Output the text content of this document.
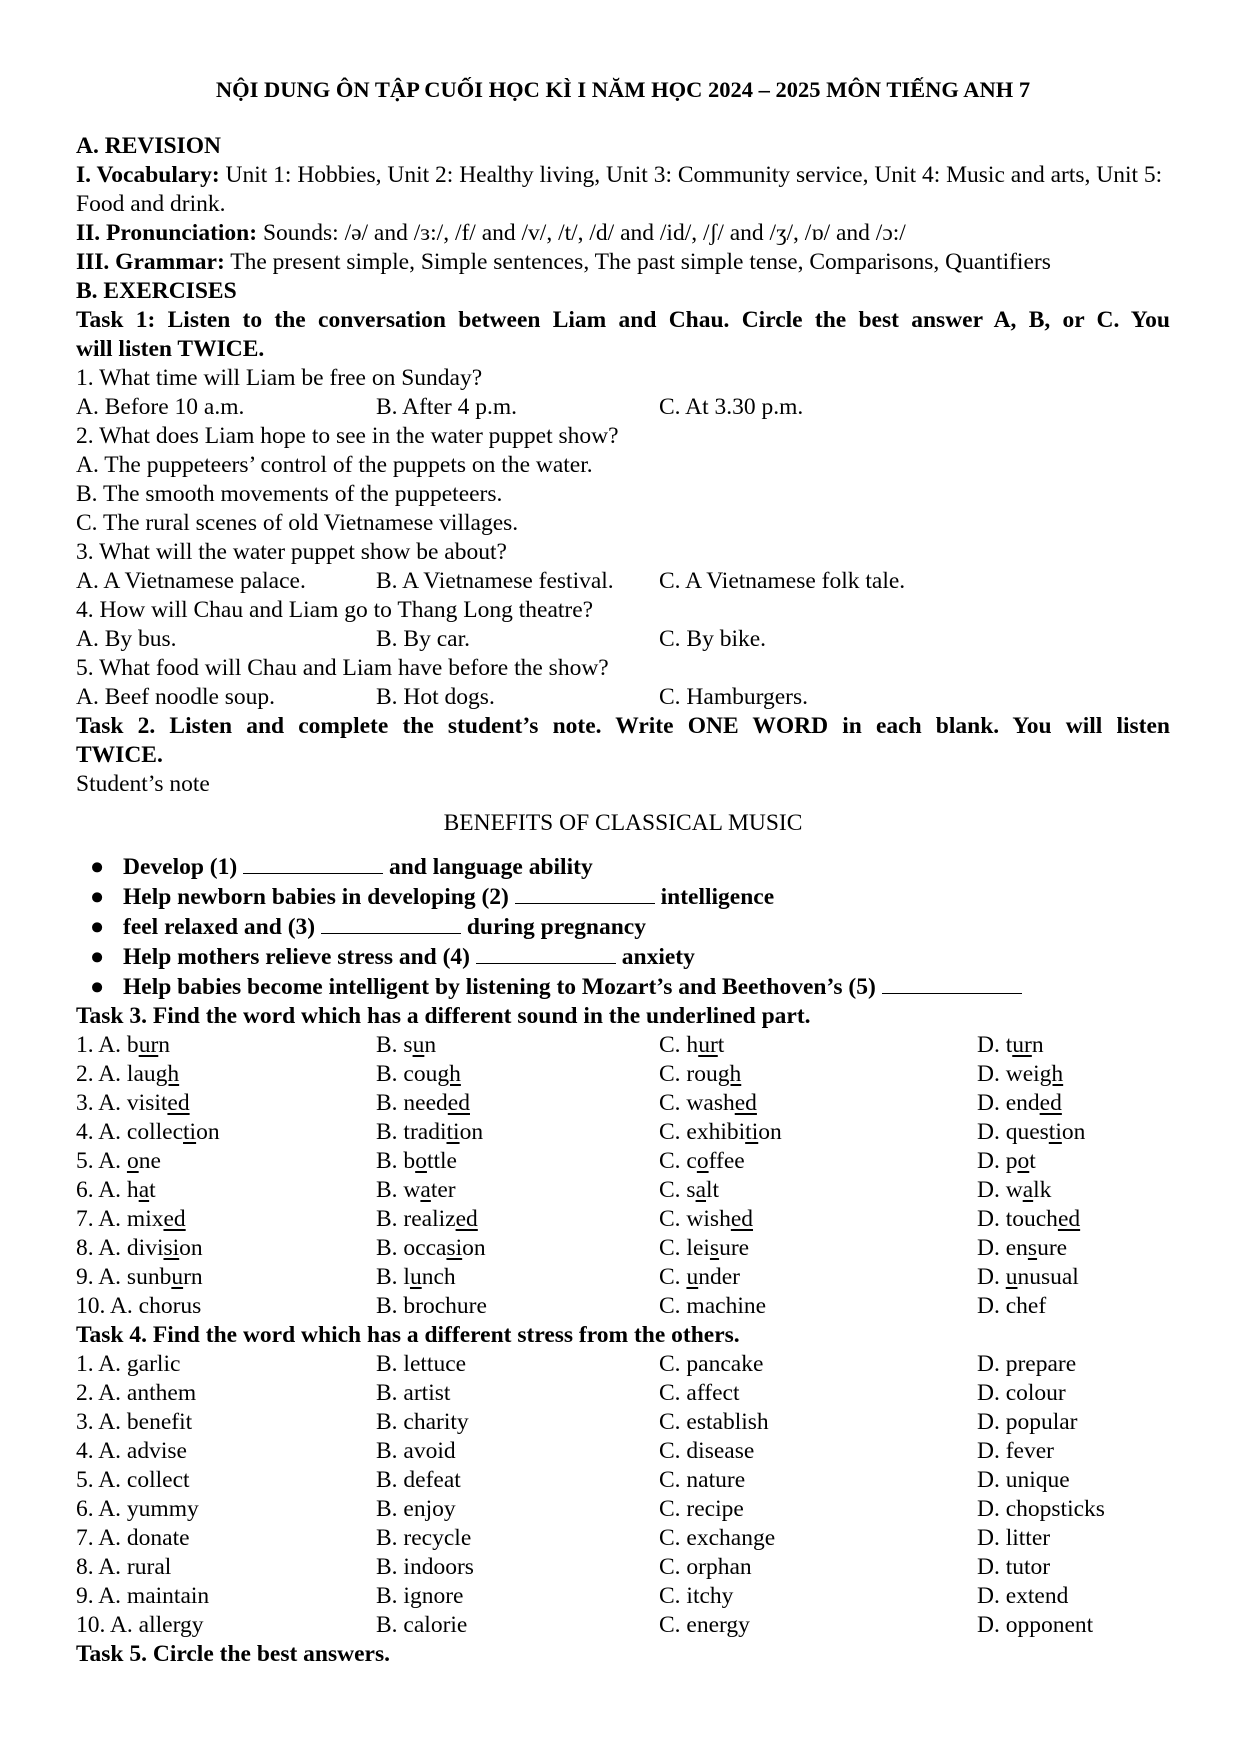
NỘI DUNG ÔN TẬP CUỐI HỌC KÌ I NĂM HỌC 2024 – 2025 MÔN TIẾNG ANH 7
A. REVISION
I. Vocabulary: Unit 1: Hobbies, Unit 2: Healthy living, Unit 3: Community service, Unit 4: Music and arts, Unit 5: Food and drink.
II. Pronunciation: Sounds: /ə/ and /ɜ:/, /f/ and /v/, /t/, /d/ and /id/, /ʃ/ and /ʒ/, /ɒ/ and /ɔ:/
III. Grammar: The present simple, Simple sentences, The past simple tense, Comparisons, Quantifiers
B. EXERCISES
Task 1: Listen to the conversation between Liam and Chau. Circle the best answer A, B, or C. You
will listen TWICE.
1. What time will Liam be free on Sunday?
A. Before 10 a.m.	B. After 4 p.m.	C. At 3.30 p.m.
2. What does Liam hope to see in the water puppet show?
A. The puppeteers’ control of the puppets on the water.
B. The smooth movements of the puppeteers.
C. The rural scenes of old Vietnamese villages.
3. What will the water puppet show be about?
A. A Vietnamese palace.	B. A Vietnamese festival.	C. A Vietnamese folk tale.
4. How will Chau and Liam go to Thang Long theatre?
A. By bus.	B. By car.	C. By bike.
5. What food will Chau and Liam have before the show?
A. Beef noodle soup.	B. Hot dogs.	C. Hamburgers.
Task 2. Listen and complete the student’s note. Write ONE WORD in each blank. You will listen
TWICE.
Student’s note
BENEFITS OF CLASSICAL MUSIC
● Develop (1)	and language ability
● Help newborn babies in developing (2)	intelligence
● feel relaxed and (3)	during pregnancy
● Help mothers relieve stress and (4)	anxiety
● Help babies become intelligent by listening to Mozart’s and Beethoven’s (5)
Task 3. Find the word which has a different sound in the underlined part.
1. A. burn	B. sun	C. hurt	D. turn
2. A. laugh	B. cough	C. rough	D. weigh
3. A. visited	B. needed	C. washed	D. ended
4. A. collection	B. tradition	C. exhibition	D. question
5. A. one	B. bottle	C. coffee	D. pot
6. A. hat	B. water	C. salt	D. walk
7. A. mixed	B. realized	C. wished	D. touched
8. A. division	B. occasion	C. leisure	D. ensure
9. A. sunburn	B. lunch	C. under	D. unusual
10. A. chorus	B. brochure	C. machine	D. chef
Task 4. Find the word which has a different stress from the others.
1. A. garlic	B. lettuce	C. pancake	D. prepare
2. A. anthem	B. artist	C. affect	D. colour
3. A. benefit	B. charity	C. establish	D. popular
4. A. advise	B. avoid	C. disease	D. fever
5. A. collect	B. defeat	C. nature	D. unique
6. A. yummy	B. enjoy	C. recipe	D. chopsticks
7. A. donate	B. recycle	C. exchange	D. litter
8. A. rural	B. indoors	C. orphan	D. tutor
9. A. maintain	B. ignore	C. itchy	D. extend
10. A. allergy	B. calorie	C. energy	D. opponent
Task 5. Circle the best answers.
